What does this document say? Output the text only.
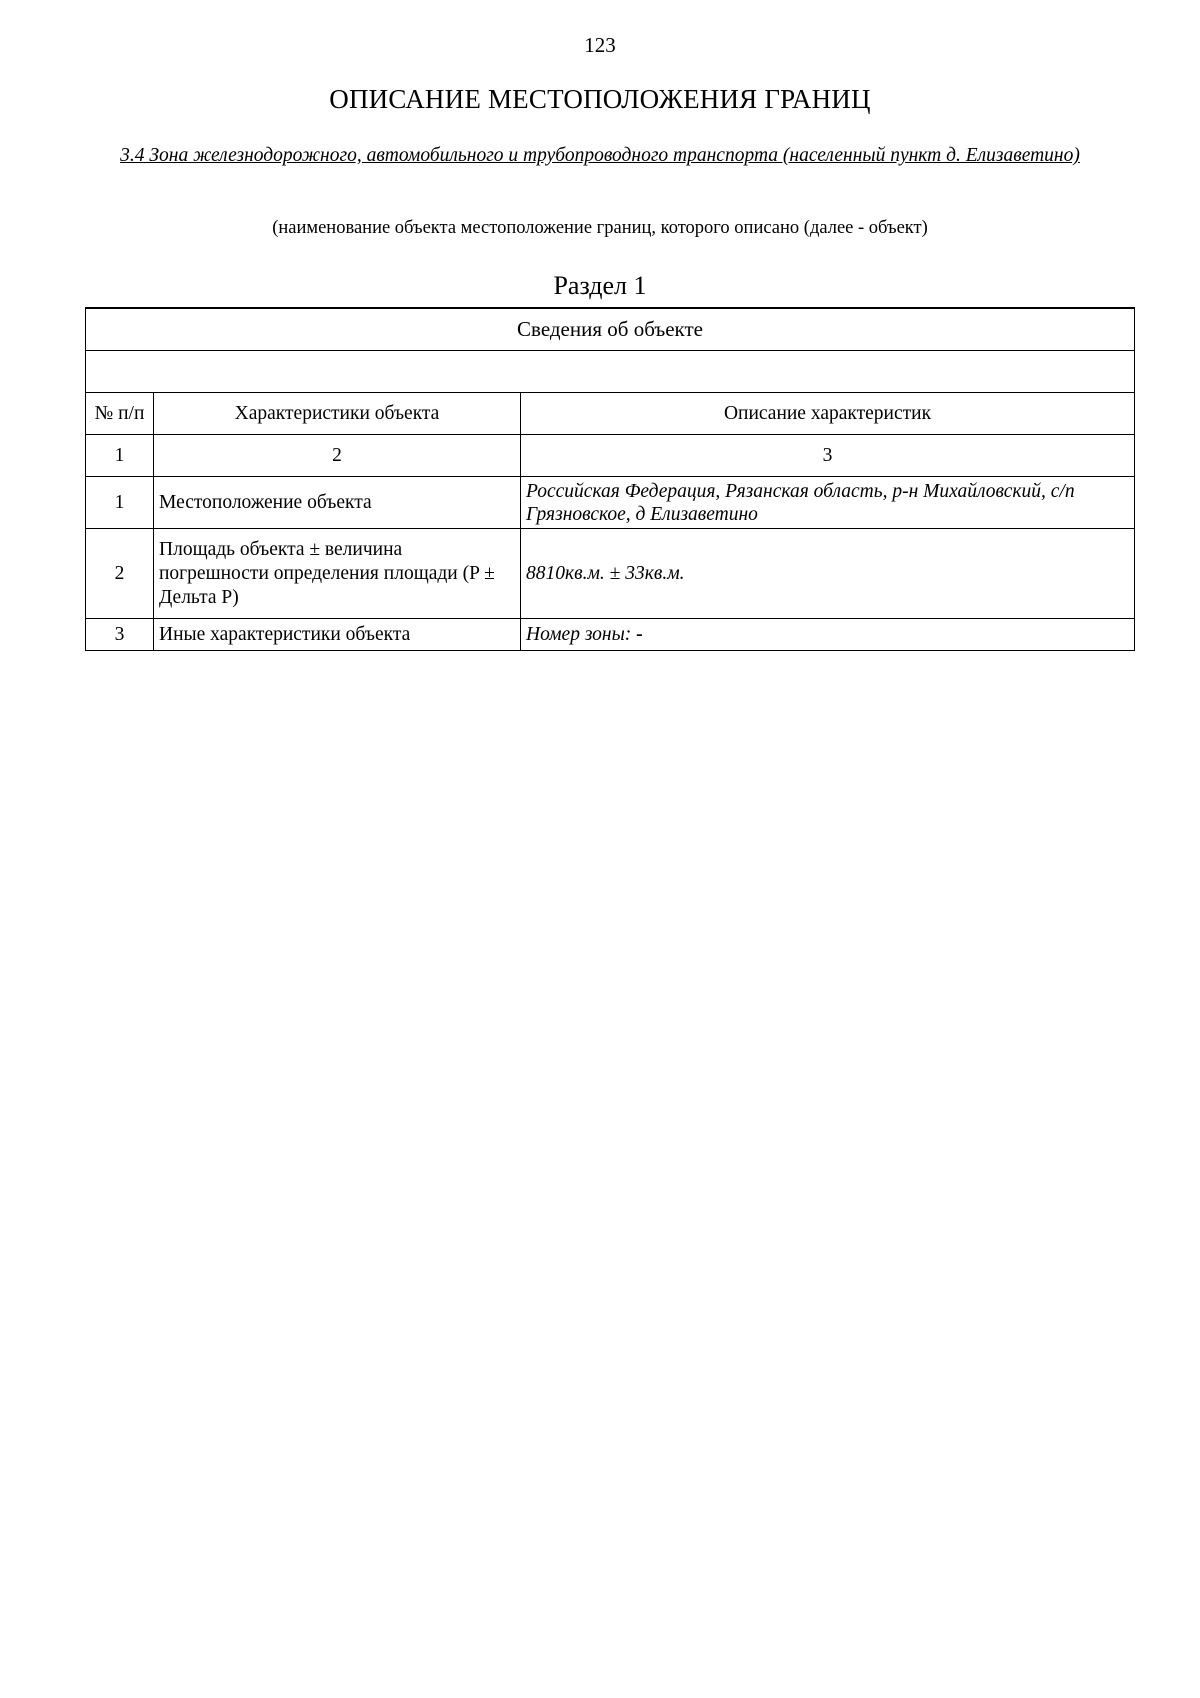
123
ОПИСАНИЕ МЕСТОПОЛОЖЕНИЯ ГРАНИЦ
3.4 Зона железнодорожного, автомобильного и трубопроводного транспорта (населенный пункт д. Елизаветино)
(наименование объекта местоположение границ, которого описано (далее - объект)
Раздел 1
Сведения об объекте		

№ п/п	Характеристики объекта	Описание характеристик
1	2	3
1	Местоположение объекта	Российская Федерация, Рязанская область, р-н Михайловский, с/п Грязновское, д Елизаветино
2	Площадь объекта ± величина погрешности определения площади (P ± Дельта P)	8810кв.м. ± 33кв.м.
3	Иные характеристики объекта	Номер зоны: -
